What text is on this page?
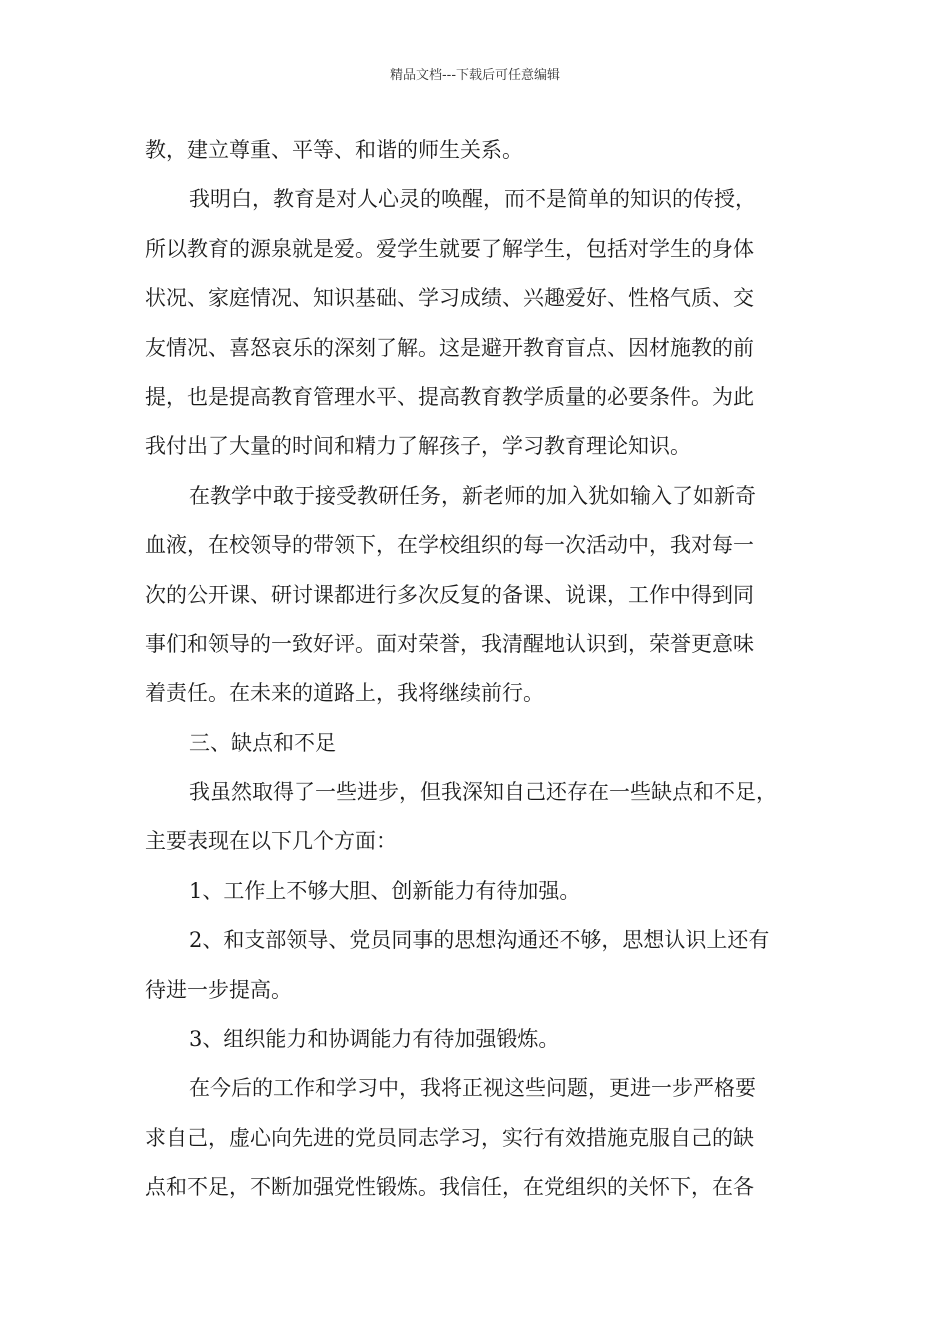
精品文档---下载后可任意编辑
教，建立尊重、平等、和谐的师生关系。
我明白，教育是对人心灵的唤醒，而不是简单的知识的传授，
所以教育的源泉就是爱。爱学生就要了解学生，包括对学生的身体
状况、家庭情况、知识基础、学习成绩、兴趣爱好、性格气质、交
友情况、喜怒哀乐的深刻了解。这是避开教育盲点、因材施教的前
提，也是提高教育管理水平、提高教育教学质量的必要条件。为此
我付出了大量的时间和精力了解孩子，学习教育理论知识。
在教学中敢于接受教研任务，新老师的加入犹如输入了如新奇
血液，在校领导的带领下，在学校组织的每一次活动中，我对每一
次的公开课、研讨课都进行多次反复的备课、说课，工作中得到同
事们和领导的一致好评。面对荣誉，我清醒地认识到，荣誉更意味
着责任。在未来的道路上，我将继续前行。
三、缺点和不足
我虽然取得了一些进步，但我深知自己还存在一些缺点和不足，
主要表现在以下几个方面：
1、工作上不够大胆、创新能力有待加强。
2、和支部领导、党员同事的思想沟通还不够，思想认识上还有
待进一步提高。
3、组织能力和协调能力有待加强锻炼。
在今后的工作和学习中，我将正视这些问题，更进一步严格要
求自己，虚心向先进的党员同志学习，实行有效措施克服自己的缺
点和不足，不断加强党性锻炼。我信任，在党组织的关怀下，在各
